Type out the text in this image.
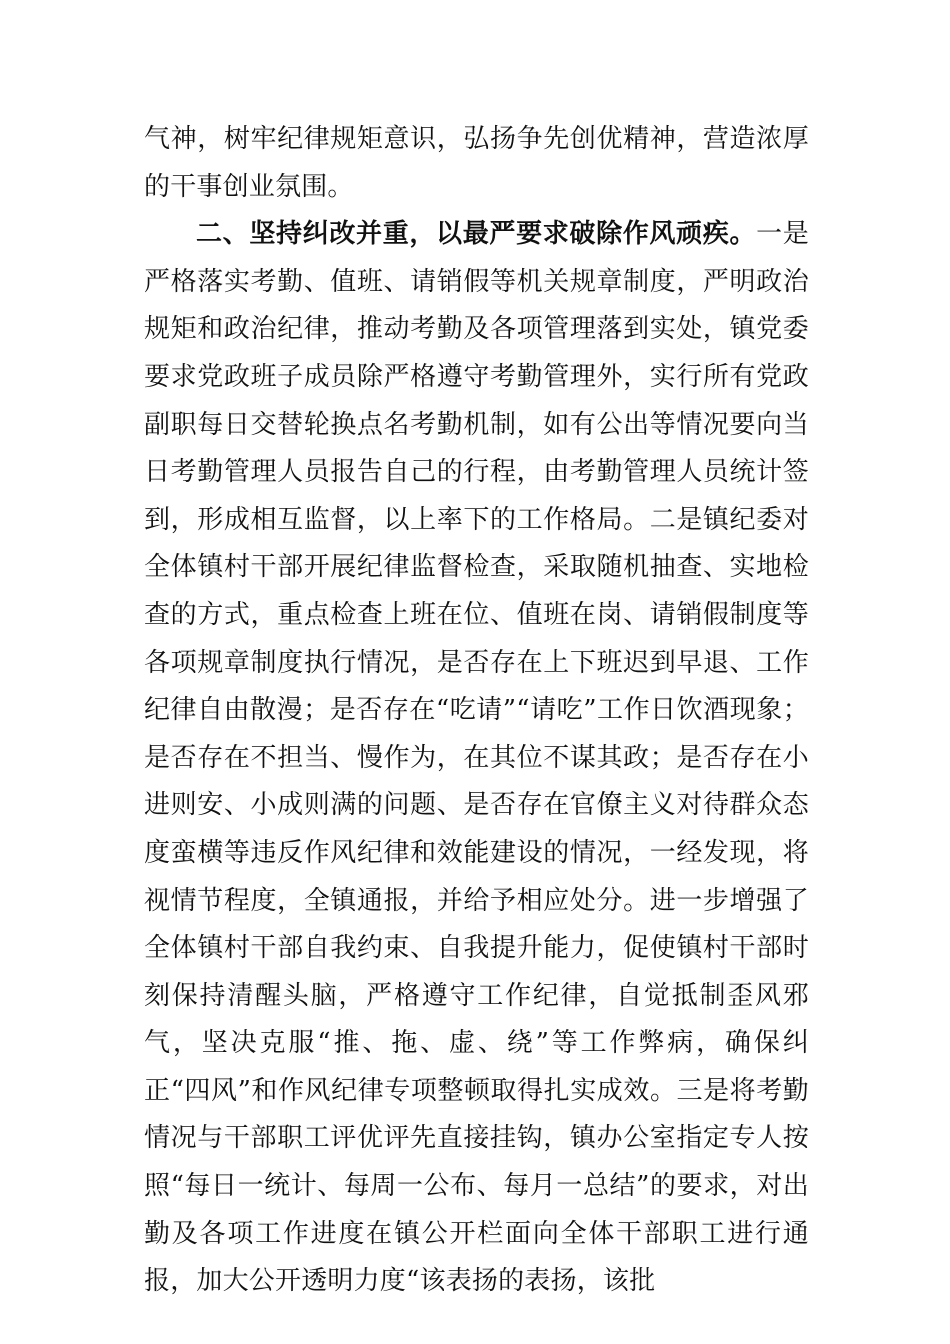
气神，树牢纪律规矩意识，弘扬争先创优精神，营造浓厚的干事创业氛围。

二、坚持纠改并重，以最严要求破除作风顽疾。一是严格落实考勤、值班、请销假等机关规章制度，严明政治规矩和政治纪律，推动考勤及各项管理落到实处，镇党委要求党政班子成员除严格遵守考勤管理外，实行所有党政副职每日交替轮换点名考勤机制，如有公出等情况要向当日考勤管理人员报告自己的行程，由考勤管理人员统计签到，形成相互监督，以上率下的工作格局。二是镇纪委对全体镇村干部开展纪律监督检查，采取随机抽查、实地检查的方式，重点检查上班在位、值班在岗、请销假制度等各项规章制度执行情况，是否存在上下班迟到早退、工作纪律自由散漫；是否存在“吃请”“请吃”工作日饮酒现象；是否存在不担当、慢作为，在其位不谋其政；是否存在小进则安、小成则满的问题、是否存在官僚主义对待群众态度蛮横等违反作风纪律和效能建设的情况，一经发现，将视情节程度，全镇通报，并给予相应处分。进一步增强了全体镇村干部自我约束、自我提升能力，促使镇村干部时刻保持清醒头脑，严格遵守工作纪律，自觉抵制歪风邪气，坚决克服“推、拖、虚、绕”等工作弊病，确保纠正“四风”和作风纪律专项整顿取得扎实成效。三是将考勤情况与干部职工评优评先直接挂钩，镇办公室指定专人按照“每日一统计、每周一公布、每月一总结”的要求，对出勤及各项工作进度在镇公开栏面向全体干部职工进行通报，加大公开透明力度“该表扬的表扬，该批
